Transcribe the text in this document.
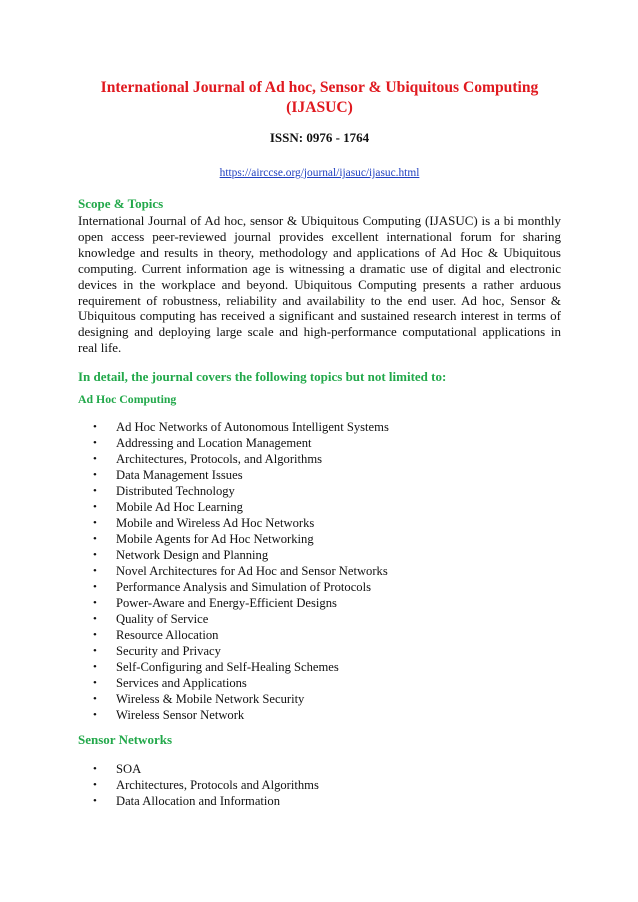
International Journal of Ad hoc, Sensor & Ubiquitous Computing (IJASUC)
ISSN: 0976 - 1764
https://airccse.org/journal/ijasuc/ijasuc.html
Scope & Topics
International Journal of Ad hoc, sensor & Ubiquitous Computing (IJASUC) is a bi monthly open access peer-reviewed journal provides excellent international forum for sharing knowledge and results in theory, methodology and applications of Ad Hoc & Ubiquitous computing. Current information age is witnessing a dramatic use of digital and electronic devices in the workplace and beyond. Ubiquitous Computing presents a rather arduous requirement of robustness, reliability and availability to the end user. Ad hoc, Sensor & Ubiquitous computing has received a significant and sustained research interest in terms of designing and deploying large scale and high-performance computational applications in real life.
In detail, the journal covers the following topics but not limited to:
Ad Hoc Computing
• Ad Hoc Networks of Autonomous Intelligent Systems
• Addressing and Location Management
• Architectures, Protocols, and Algorithms
• Data Management Issues
• Distributed Technology
• Mobile Ad Hoc Learning
• Mobile and Wireless Ad Hoc Networks
• Mobile Agents for Ad Hoc Networking
• Network Design and Planning
• Novel Architectures for Ad Hoc and Sensor Networks
• Performance Analysis and Simulation of Protocols
• Power-Aware and Energy-Efficient Designs
• Quality of Service
• Resource Allocation
• Security and Privacy
• Self-Configuring and Self-Healing Schemes
• Services and Applications
• Wireless & Mobile Network Security
• Wireless Sensor Network
Sensor Networks
• SOA
• Architectures, Protocols and Algorithms
• Data Allocation and Information
